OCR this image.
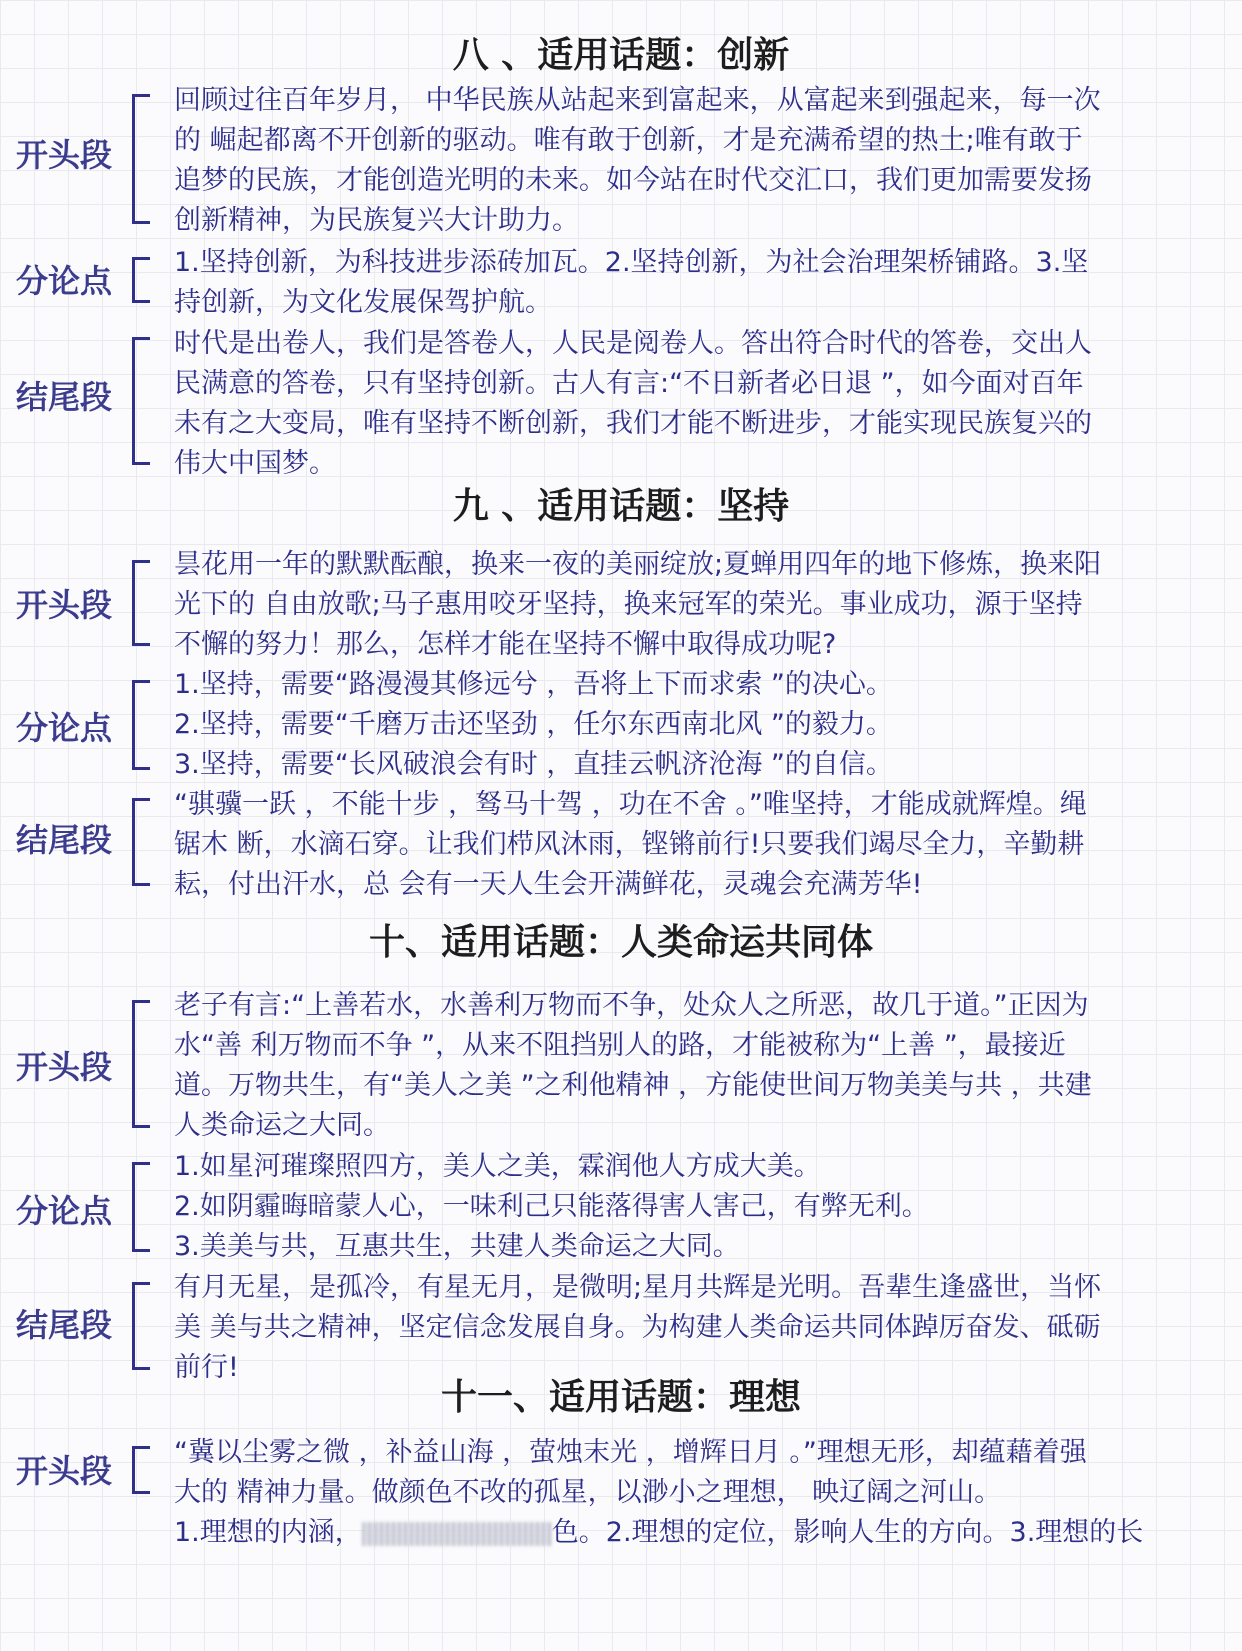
八 、适用话题：创新
开头段
回顾过往百年岁月， 中华民族从站起来到富起来，从富起来到强起来，每一次
的 崛起都离不开创新的驱动。唯有敢于创新，才是充满希望的热土;唯有敢于
追梦的民族，才能创造光明的未来。如今站在时代交汇口，我们更加需要发扬
创新精神，为民族复兴大计助力。
分论点	1.坚持创新，为科技进步添砖加瓦。2.坚持创新，为社会治理架桥铺路。3.坚
持创新，为文化发展保驾护航。
结尾段
时代是出卷人，我们是答卷人，人民是阅卷人。答出符合时代的答卷，交出人
民满意的答卷，只有坚持创新。古人有言:“不日新者必日退 ”，如今面对百年
未有之大变局，唯有坚持不断创新，我们才能不断进步，才能实现民族复兴的
伟大中国梦。
九 、适用话题：坚持
开头段
昙花用一年的默默酝酿，换来一夜的美丽绽放;夏蝉用四年的地下修炼，换来阳
光下的 自由放歌;马子惠用咬牙坚持，换来冠军的荣光。事业成功，源于坚持
不懈的努力！那么，怎样才能在坚持不懈中取得成功呢?
分论点
1.坚持，需要“路漫漫其修远兮 ，吾将上下而求索 ”的决心。
2.坚持，需要“千磨万击还坚劲 ，任尔东西南北风 ”的毅力。
3.坚持，需要“长风破浪会有时 ，直挂云帆济沧海 ”的自信。
结尾段
“骐骥一跃 ，不能十步 ，驽马十驾 ，功在不舍 。”唯坚持，才能成就辉煌。绳
锯木 断，水滴石穿。让我们栉风沐雨，铿锵前行!只要我们竭尽全力，辛勤耕
耘，付出汗水，总 会有一天人生会开满鲜花，灵魂会充满芳华!
十、适用话题：人类命运共同体
开头段
老子有言:“上善若水，水善利万物而不争，处众人之所恶，故几于道。”正因为
水“善 利万物而不争 ”，从来不阻挡别人的路，才能被称为“上善 ”，最接近
道。万物共生，有“美人之美 ”之利他精神 ，方能使世间万物美美与共 ，共建
人类命运之大同。
分论点
1.如星河璀璨照四方，美人之美，霖润他人方成大美。
2.如阴霾晦暗蒙人心，一味利己只能落得害人害己，有弊无利。
3.美美与共，互惠共生，共建人类命运之大同。
结尾段
有月无星，是孤冷，有星无月，是微明;星月共辉是光明。吾辈生逢盛世，当怀
美 美与共之精神，坚定信念发展自身。为构建人类命运共同体踔厉奋发、砥砺
前行!
十一、适用话题：理想
开头段	“冀以尘雾之微 ，补益山海 ，萤烛末光 ，增辉日月 。”理想无形，却蕴藉着强
大的 精神力量。做颜色不改的孤星，以渺小之理想， 映辽阔之河山。
1.理想的内涵，	色。2.理想的定位，影响人生的方向。3.理想的长
